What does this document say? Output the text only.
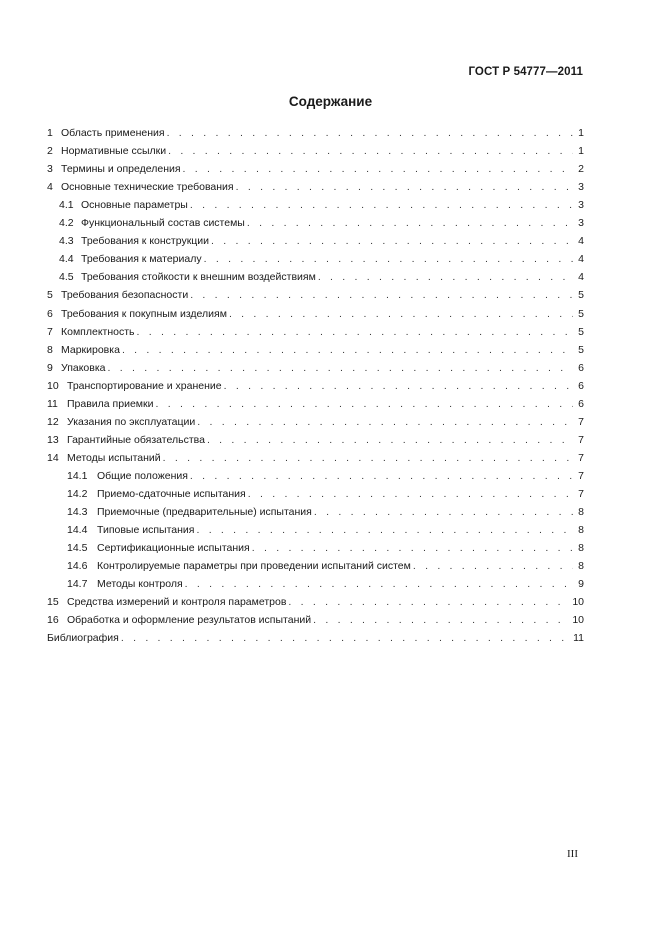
ГОСТ Р 54777—2011
Содержание
1 Область применения . . .	1
2 Нормативные ссылки . . .	1
3 Термины и определения . . .	2
4 Основные технические требования . . .	3
4.1 Основные параметры . . .	3
4.2 Функциональный состав системы . . .	3
4.3 Требования к конструкции . . .	4
4.4 Требования к материалу . . .	4
4.5 Требования стойкости к внешним воздействиям . . .	4
5 Требования безопасности . . .	5
6 Требования к покупным изделиям . . .	5
7 Комплектность . . .	5
8 Маркировка . . .	5
9 Упаковка . . .	6
10 Транспортирование и хранение . . .	6
11 Правила приемки . . .	6
12 Указания по эксплуатации . . .	7
13 Гарантийные обязательства . . .	7
14 Методы испытаний . . .	7
14.1 Общие положения . . .	7
14.2 Приемо-сдаточные испытания . . .	7
14.3 Приемочные (предварительные) испытания . . .	8
14.4 Типовые испытания . . .	8
14.5 Сертификационные испытания . . .	8
14.6 Контролируемые параметры при проведении испытаний систем . . .	8
14.7 Методы контроля . . .	9
15 Средства измерений и контроля параметров . . .	10
16 Обработка и оформление результатов испытаний . . .	10
Библиография . . .	11
III
